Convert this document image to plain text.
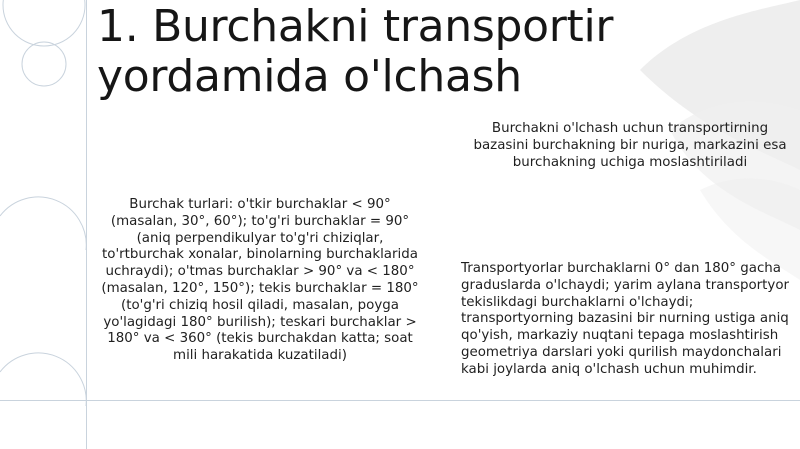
1. Burchakni transportir yordamida o'lchash

Burchakni o'lchash uchun transportirning bazasini burchakning bir nuriga, markazini esa burchakning uchiga moslashtiriladi

Burchak turlari: o'tkir burchaklar < 90° (masalan, 30°, 60°); to'g'ri burchaklar = 90° (aniq perpendikulyar to'g'ri chiziqlar, to'rtburchak xonalar, binolarning burchaklarida uchraydi); o'tmas burchaklar > 90° va < 180° (masalan, 120°, 150°); tekis burchaklar = 180° (to'g'ri chiziq hosil qiladi, masalan, poyga yo'lagidagi 180° burilish); teskari burchaklar > 180° va < 360° (tekis burchakdan katta; soat mili harakatida kuzatiladi)

Transportyorlar burchaklarni 0° dan 180° gacha graduslarda o'lchaydi; yarim aylana transportyor tekislikdagi burchaklarni o'lchaydi; transportyorning bazasini bir nurning ustiga aniq qo'yish, markaziy nuqtani tepaga moslashtirish geometriya darslari yoki qurilish maydonchalari kabi joylarda aniq o'lchash uchun muhimdir.
